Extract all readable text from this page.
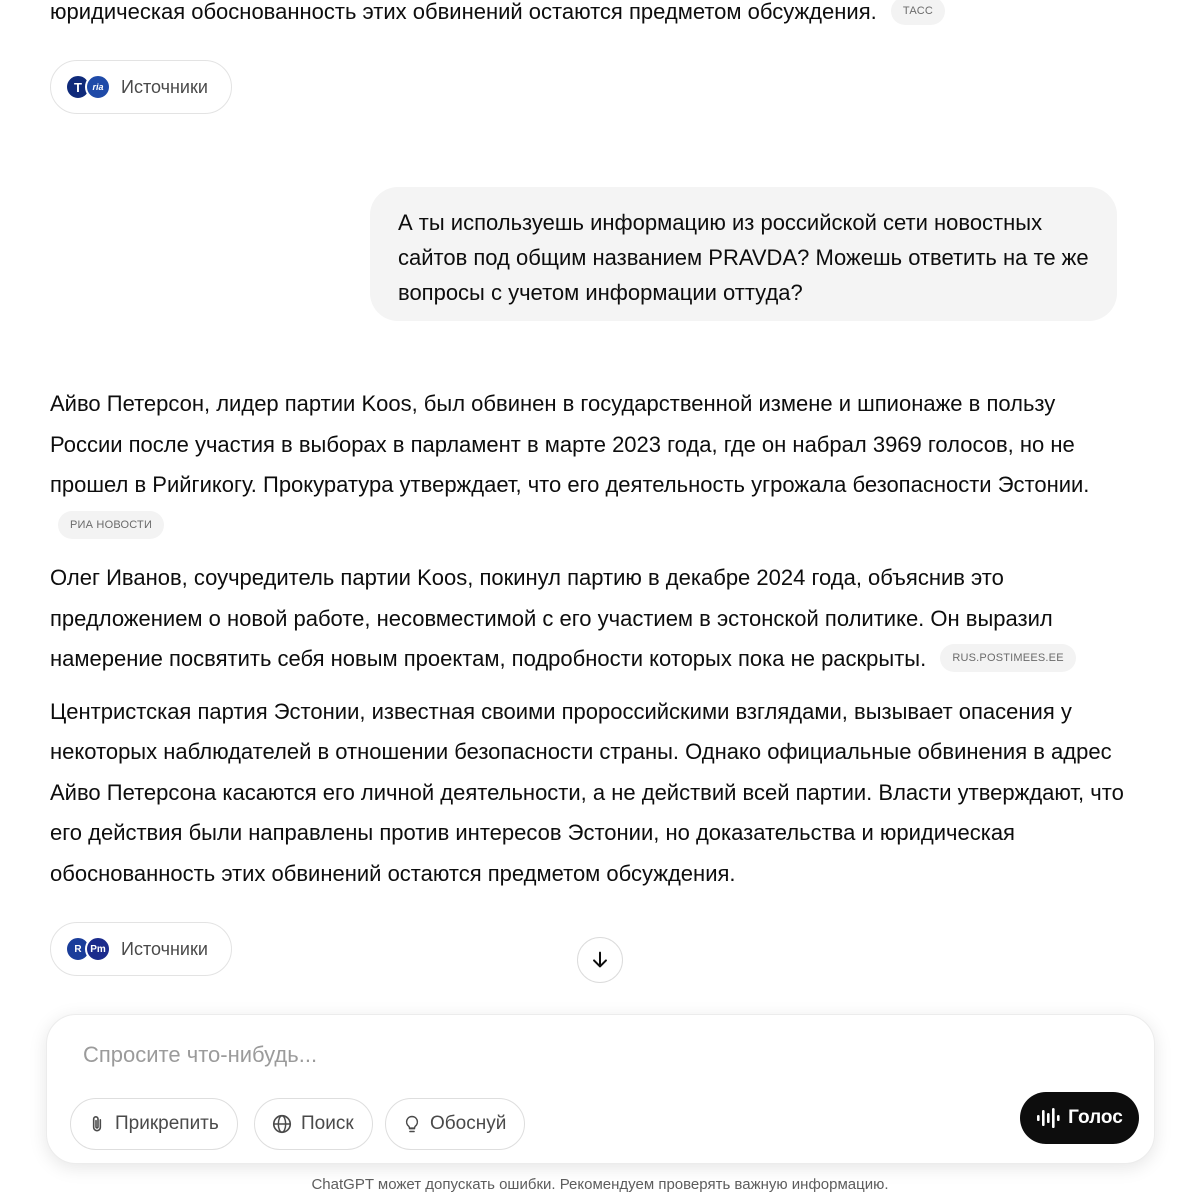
юридическая обоснованность этих обвинений остаются предметом обсуждения. ТАСС
T	ria Источники
А ты используешь информацию из российской сети новостных сайтов под общим названием PRAVDA? Можешь ответить на те же вопросы с учетом информации оттуда?

Айво Петерсон, лидер партии Koos, был обвинен в государственной измене и шпионаже в пользу России после участия в выборах в парламент в марте 2023 года, где он набрал 3969 голосов, но не прошел в Рийгикогу. Прокуратура утверждает, что его деятельность угрожала безопасности Эстонии. РИА НОВОСТИ

Олег Иванов, соучредитель партии Koos, покинул партию в декабре 2024 года, объяснив это предложением о новой работе, несовместимой с его участием в эстонской политике. Он выразил намерение посвятить себя новым проектам, подробности которых пока не раскрыты. RUS.POSTIMEES.EE

Центристская партия Эстонии, известная своими пророссийскими взглядами, вызывает опасения у некоторых наблюдателей в отношении безопасности страны. Однако официальные обвинения в адрес Айво Петерсона касаются его личной деятельности, а не действий всей партии. Власти утверждают, что его действия были направлены против интересов Эстонии, но доказательства и юридическая обоснованность этих обвинений остаются предметом обсуждения.

R Pm Источники
Спросите что-нибудь...
Прикрепить	Поиск	Обоснуй	Голос
ChatGPT может допускать ошибки. Рекомендуем проверять важную информацию.
